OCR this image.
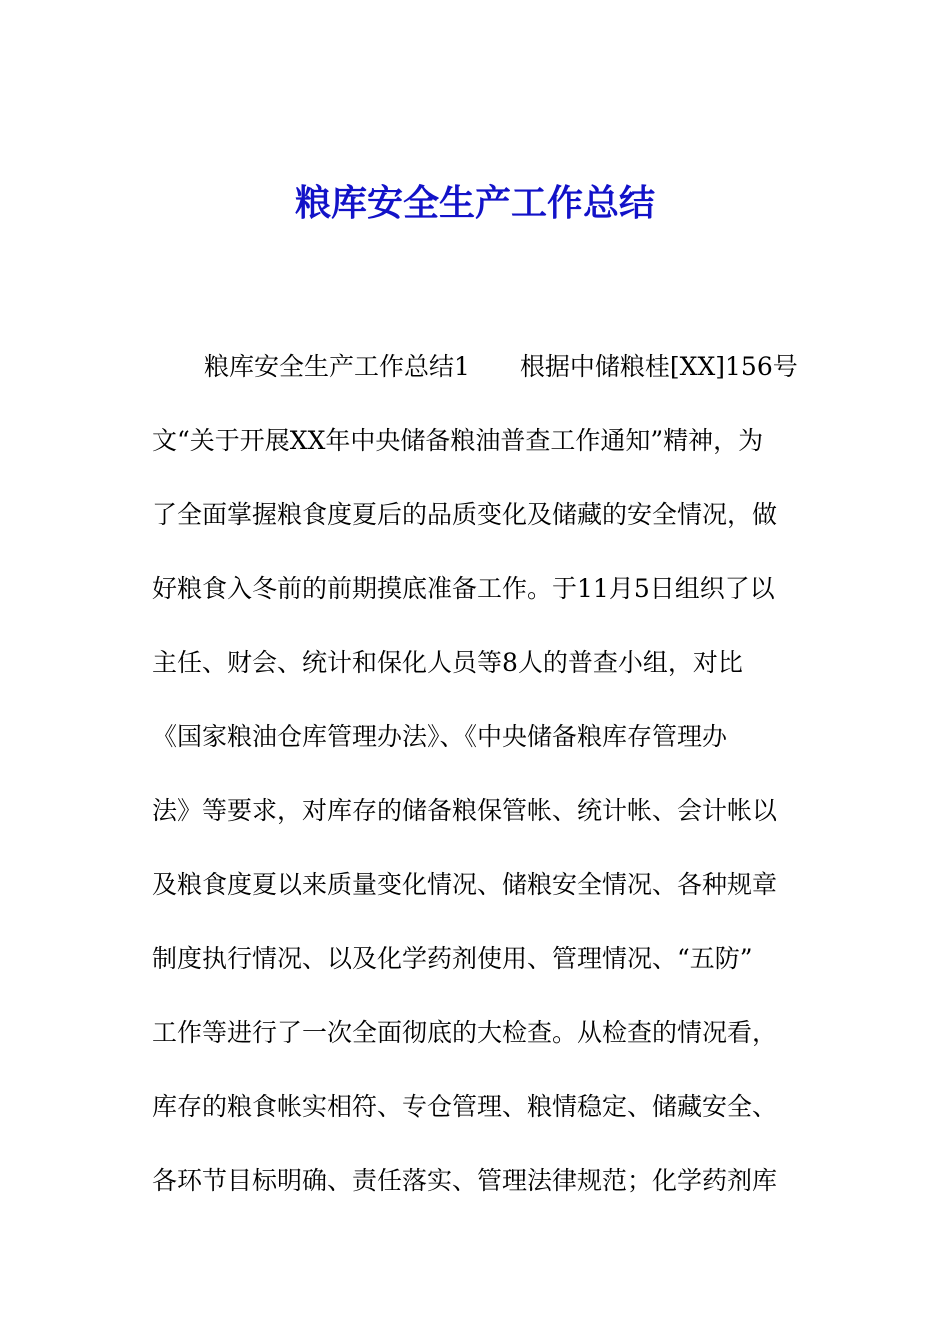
粮库安全生产工作总结
粮库安全生产工作总结1　　根据中储粮桂[XX]156号
文“关于开展XX年中央储备粮油普查工作通知”精神，为
了全面掌握粮食度夏后的品质变化及储藏的安全情况，做
好粮食入冬前的前期摸底准备工作。于11月5日组织了以
主任、财会、统计和保化人员等8人的普查小组，对比
《国家粮油仓库管理办法》、《中央储备粮库存管理办
法》等要求，对库存的储备粮保管帐、统计帐、会计帐以
及粮食度夏以来质量变化情况、储粮安全情况、各种规章
制度执行情况、以及化学药剂使用、管理情况、“五防”
工作等进行了一次全面彻底的大检查。从检查的情况看，
库存的粮食帐实相符、专仓管理、粮情稳定、储藏安全、
各环节目标明确、责任落实、管理法律规范；化学药剂库
